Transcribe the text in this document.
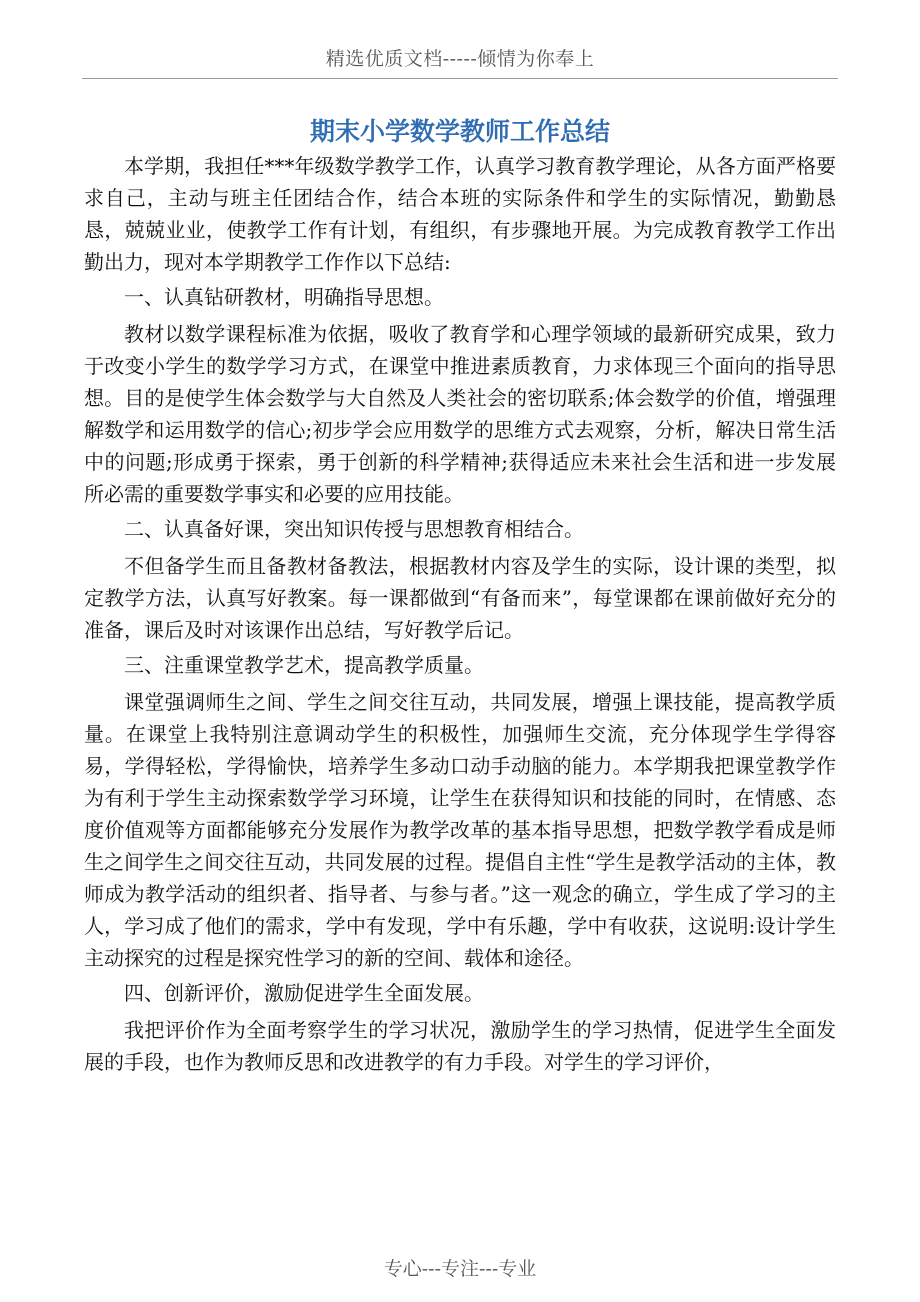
精选优质文档-----倾情为你奉上
期末小学数学教师工作总结

本学期，我担任***年级数学教学工作，认真学习教育教学理论，从各方面严格要求自己，主动与班主任团结合作，结合本班的实际条件和学生的实际情况，勤勤恳恳，兢兢业业，使教学工作有计划，有组织，有步骤地开展。为完成教育教学工作出勤出力，现对本学期教学工作作以下总结:

一、认真钻研教材，明确指导思想。

教材以数学课程标准为依据，吸收了教育学和心理学领域的最新研究成果，致力于改变小学生的数学学习方式，在课堂中推进素质教育，力求体现三个面向的指导思想。目的是使学生体会数学与大自然及人类社会的密切联系;体会数学的价值，增强理解数学和运用数学的信心;初步学会应用数学的思维方式去观察，分析，解决日常生活中的问题;形成勇于探索，勇于创新的科学精神;获得适应未来社会生活和进一步发展所必需的重要数学事实和必要的应用技能。

二、认真备好课，突出知识传授与思想教育相结合。

不但备学生而且备教材备教法，根据教材内容及学生的实际，设计课的类型，拟定教学方法，认真写好教案。每一课都做到“有备而来”，每堂课都在课前做好充分的准备，课后及时对该课作出总结，写好教学后记。

三、注重课堂教学艺术，提高教学质量。

课堂强调师生之间、学生之间交往互动，共同发展，增强上课技能，提高教学质量。在课堂上我特别注意调动学生的积极性，加强师生交流，充分体现学生学得容易，学得轻松，学得愉快，培养学生多动口动手动脑的能力。本学期我把课堂教学作为有利于学生主动探索数学学习环境，让学生在获得知识和技能的同时，在情感、态度价值观等方面都能够充分发展作为教学改革的基本指导思想，把数学教学看成是师生之间学生之间交往互动，共同发展的过程。提倡自主性“学生是教学活动的主体，教师成为教学活动的组织者、指导者、与参与者。”这一观念的确立，学生成了学习的主人，学习成了他们的需求，学中有发现，学中有乐趣，学中有收获，这说明:设计学生主动探究的过程是探究性学习的新的空间、载体和途径。

四、创新评价，激励促进学生全面发展。

我把评价作为全面考察学生的学习状况，激励学生的学习热情，促进学生全面发展的手段，也作为教师反思和改进教学的有力手段。对学生的学习评价，

专心---专注---专业
